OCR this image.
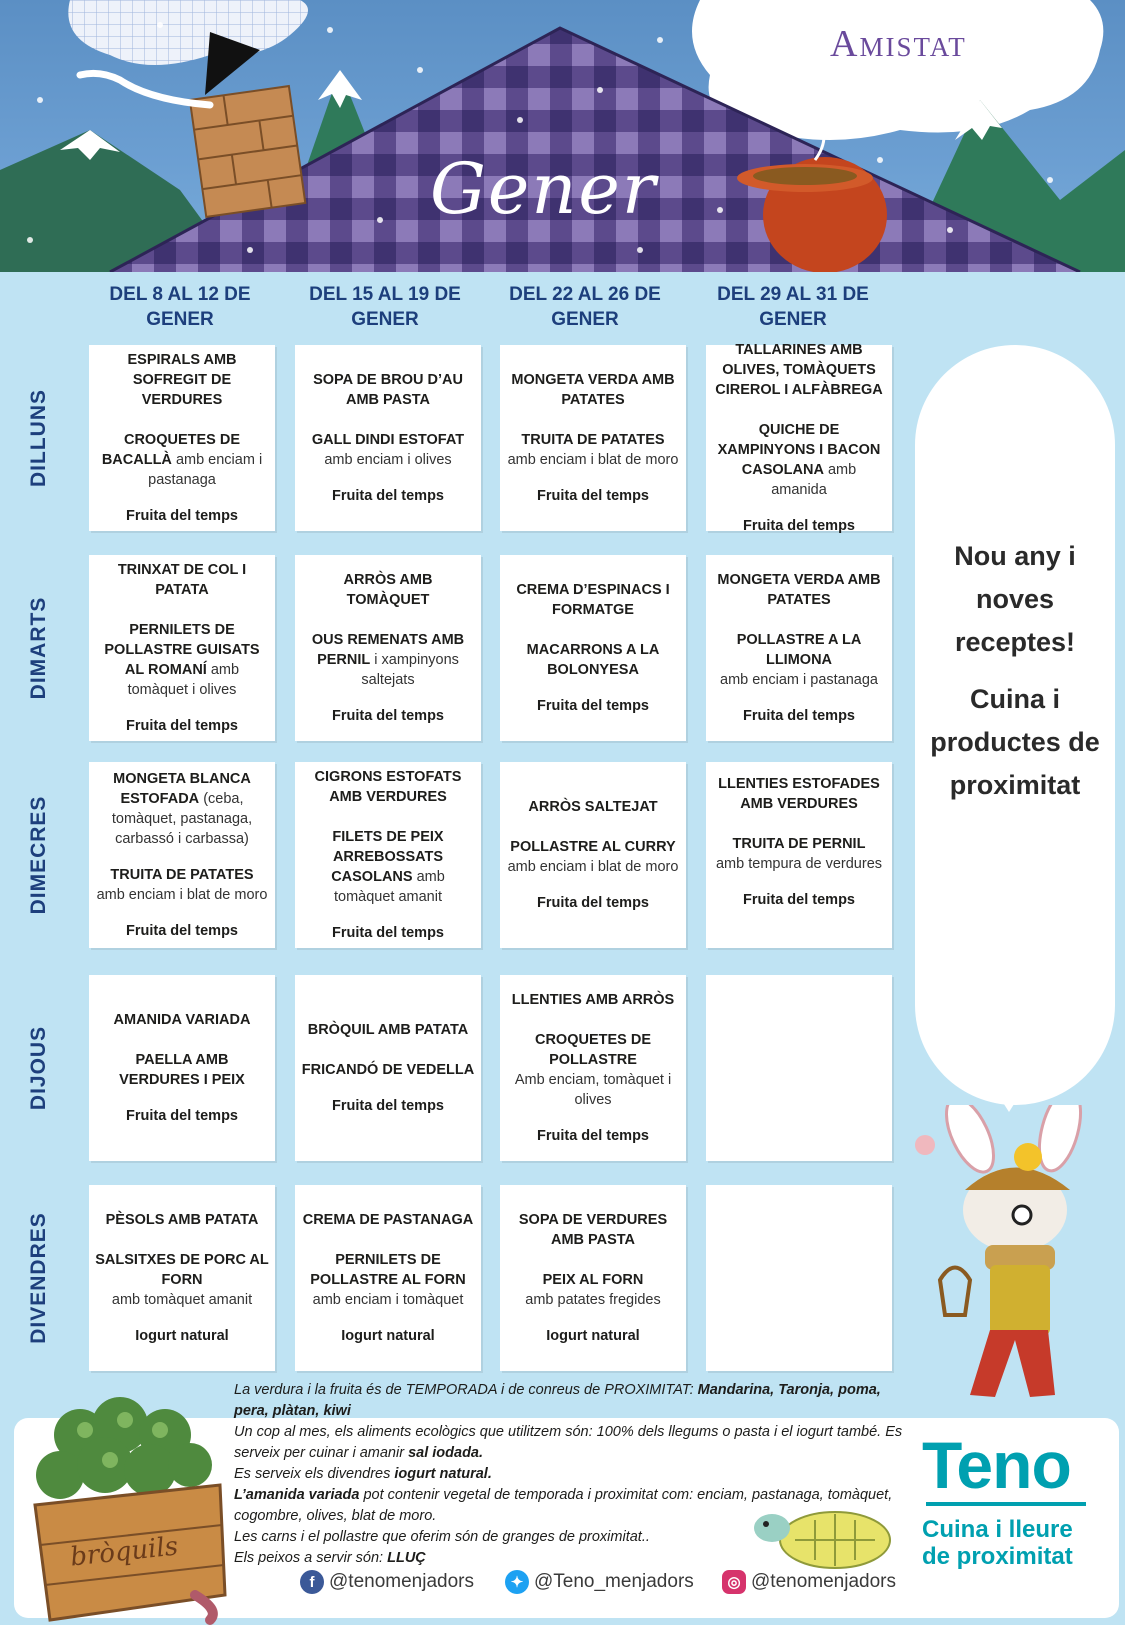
Gener
Amistat
DEL 8 AL 12 DE GENER
DEL 15 AL 19 DE GENER
DEL 22 AL 26 DE GENER
DEL 29 AL 31 DE GENER
DILLUNS
DIMARTS
DIMECRES
DIJOUS
DIVENDRES
ESPIRALS AMB SOFREGIT DE VERDURES
CROQUETES DE BACALLÀ amb enciam i pastanaga
Fruita del temps
SOPA DE BROU D’AU AMB PASTA
GALL DINDI ESTOFAT
amb enciam i olives
Fruita del temps
MONGETA VERDA AMB PATATES
TRUITA DE PATATES
amb enciam i blat de moro
Fruita del temps
TALLARINES AMB OLIVES, TOMÀQUETS CIREROL I ALFÀBREGA
QUICHE DE XAMPINYONS I BACON CASOLANA amb amanida
Fruita del temps
TRINXAT DE COL I PATATA
PERNILETS DE POLLASTRE GUISATS AL ROMANÍ amb tomàquet i olives
Fruita del temps
ARRÒS AMB TOMÀQUET
OUS REMENATS AMB PERNIL i xampinyons saltejats
Fruita del temps
CREMA D’ESPINACS I FORMATGE
MACARRONS A LA BOLONYESA
Fruita del temps
MONGETA VERDA AMB PATATES
POLLASTRE A LA LLIMONA
amb enciam i pastanaga
Fruita del temps
MONGETA BLANCA ESTOFADA (ceba, tomàquet, pastanaga, carbassó i carbassa)
TRUITA DE PATATES
amb enciam i blat de moro
Fruita del temps
CIGRONS ESTOFATS AMB VERDURES
FILETS DE PEIX ARREBOSSATS CASOLANS amb tomàquet amanit
Fruita del temps
ARRÒS SALTEJAT
POLLASTRE AL CURRY amb enciam i blat de moro
Fruita del temps
LLENTIES ESTOFADES AMB VERDURES
TRUITA DE PERNIL
amb tempura de verdures
Fruita del temps
AMANIDA VARIADA
PAELLA AMB VERDURES I PEIX
Fruita del temps
BRÒQUIL AMB PATATA
FRICANDÓ DE VEDELLA
Fruita del temps
LLENTIES AMB ARRÒS
CROQUETES DE POLLASTRE
Amb enciam, tomàquet i olives
Fruita del temps
PÈSOLS AMB PATATA
SALSITXES DE PORC AL FORN
amb tomàquet amanit
Iogurt natural
CREMA DE PASTANAGA
PERNILETS DE POLLASTRE AL FORN
amb enciam i tomàquet
Iogurt natural
SOPA DE VERDURES AMB PASTA
PEIX AL FORN
amb patates fregides
Iogurt natural

Nou any i noves receptes!

Cuina i productes de proximitat

bròquils

La verdura i la fruita és de TEMPORADA i de conreus de PROXIMITAT: Mandarina, Taronja, poma, pera, plàtan, kiwi

Un cop al mes, els aliments ecològics que utilitzem són: 100% dels llegums o pasta i el iogurt també. Es serveix per cuinar i amanir sal iodada.

Es serveix els divendres iogurt natural.

L’amanida variada pot contenir vegetal de temporada i proximitat com: enciam, pastanaga, tomàquet, cogombre, olives, blat de moro.

Les carns i el pollastre que oferim són de granges de proximitat..

Els peixos a servir són: LLUÇ

f @tenomenjadors	✦ @Teno_menjadors	◎ @tenomenjadors
Teno
Cuina i lleure de proximitat
